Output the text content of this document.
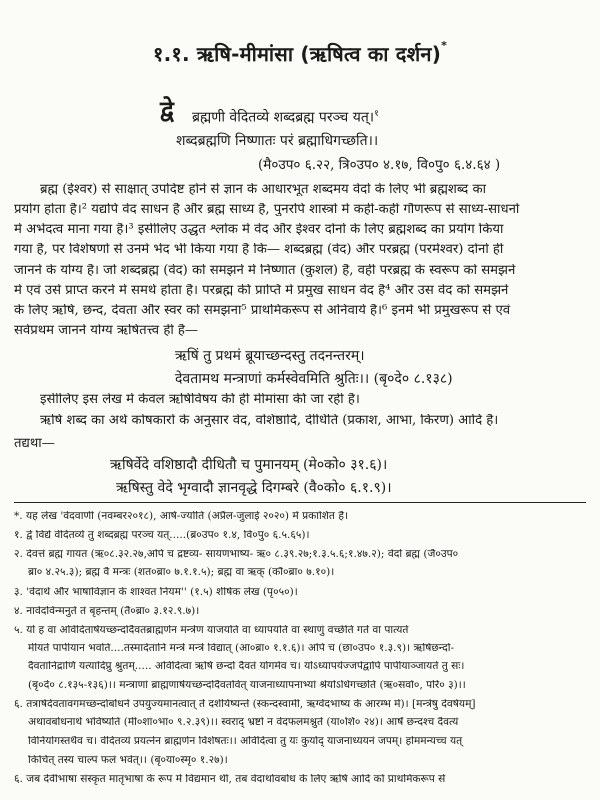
१.१. ऋषि-मीमांसा (ऋषित्व का दर्शन)*
द्वे ब्रह्मणी वेदितव्ये शब्दब्रह्म परञ्च यत्।$^१$
शब्दब्रह्मणि निष्णातः परं ब्रह्माधिगच्छति।।
(मै०उप० ६.२२, त्रि०उप० ४.१७, वि०पु० ६.४.६४ )
ब्रह्म (ईश्वर) से साक्षात् उपदिष्ट होने से ज्ञान के आधारभूत शब्दमय वेदों के लिए भी ब्रह्मशब्द का
प्रयोग होता है।² यद्यपि वेद साधन है और ब्रह्म साध्य है, पुनरपि शास्त्रों में कहीं-कहीं गौणरूप से साध्य-साधनों
में अभेदत्व माना गया है।³ इसीलिए उद्धृत श्लोक में वेद और ईश्वर दोनों के लिए ब्रह्मशब्द का प्रयोग किया
गया है, पर विशेषणों से उनमें भेद भी किया गया है कि— शब्दब्रह्म (वेद) और परब्रह्म (परमेश्वर) दोनों ही
जानने के योग्य हैं। जो शब्दब्रह्म (वेद) को समझने में निष्णात (कुशल) है, वही परब्रह्म के स्वरूप को समझने
में एवं उसे प्राप्त करने में समर्थ होता है। परब्रह्म की प्राप्ति में प्रमुख साधन वेद है⁴ और उस वेद को समझने
के लिए ऋषि, छन्द, देवता और स्वर को समझना⁵ प्राथमिकरूप से अनिवार्य है।⁶ इनमें भी प्रमुखरूप से एवं
सर्वप्रथम जानने योग्य ऋषितत्त्व ही है—
ऋषिं तु प्रथमं ब्रूयाच्छन्दस्तु तदनन्तरम्।
देवतामथ मन्त्राणां कर्मस्वेवमिति श्रुतिः।। (बृ०दे० ८.१३८)
इसीलिए इस लेख में केवल ऋषिविषय की ही मीमांसा की जा रही है।
ऋषि शब्द का अर्थ कोषकारों के अनुसार वेद, वशिष्ठादि, दीधिति (प्रकाश, आभा, किरण) आदि हैं।
तद्यथा—
ऋषिर्वेदे वशिष्ठादौ दीधितौ च पुमानयम् (मे०को० ३१.६)।
ऋषिस्तु वेदे भृग्वादौ ज्ञानवृद्धे दिगम्बरे (वै०को० ६.१.९)।
*. यह लेख 'वेदवाणी (नवम्बर२०१८), आर्ष-ज्योति (अप्रैल-जुलाई २०२०) में प्रकाशित है।
१. द्वे विद्ये वेदितव्ये तु शब्दब्रह्म परञ्च यत्.....(ब्र०उप० १.४, वि०पु० ६.५.६५)।
२. देवत्तं ब्रह्म गायत (ऋ०८.३२.२७,अपि च द्रष्टव्य- सायणभाष्य- ऋ० ८.३९.२७;१.३.५.६;१.४७.२); वेदो ब्रह्म (जै०उप०
ब्रा० ४.२५.३); ब्रह्म वै मन्त्रः (शत०ब्रा० ७.१.१.५); ब्रह्म वा ऋक् (कौ०ब्रा० ७.१०)।
३. 'वेदार्थ और भाषाविज्ञान के शाश्वत नियम'' (१.५) शीर्षक लेख (पृ०५०)।
४. नावेदविन्मनुते तं बृहन्तम् (तै०ब्रा० ३.१२.९.७)।
५. यो ह वा अविदितार्षेयच्छन्दोदैवतब्राह्मणेन मन्त्रेण याजयति वा ध्यापयति वा स्थाणुं वर्च्छति गर्ते वा पात्यते
मीयते पापीयान भवति....तस्मादेतानि मन्त्रे मन्त्रे विद्यात् (आ०ब्रा० १.१.६)। अपि च (छा०उप० १.३.९)। ऋषिछन्दो-
दैवतानिद्राणि यत्यादिप्रु श्रुतम्..... अविदित्वा ऋषिं छन्दो दैवतं योगमेव च। योऽध्यापयेज्जपेद्वापि पापीयाञ्जायते तु सः।
(बृ०दे० ८.१३५-१३६)।। मन्त्राणां ब्राह्मणार्षेयच्छन्दोदैवतवित् याजनाध्यापनाभ्यां श्रेयोऽधिगच्छति (ऋ०सर्वा०, परि० ३)।।
६. तत्रार्षदेवतावगमच्छन्दोबोधने उपयुज्यमानत्वात् ते दर्शयिष्यन्ते (स्कन्दस्वामी, ऋग्वेदभाष्य के आरम्भ में)। [मन्त्रेषु देवर्षयम्]
अथावबोधनार्थ भविष्यति (मी०शा०भा० ९.२.३९)।। स्वराद् भ्रष्टो न वेदफलमश्नुते (या०शि० २४)। आर्षं छन्दश्च दैवत्यं
विनियोगस्तथैव च। वेदितव्यं प्रयत्नेन ब्राह्मणेन विशेषतः।। अविदित्वा तु यः कुर्याद् याजनाध्ययनं जपम्। होममन्यच्च यत्
किंचित् तस्य चाल्पं फलं भवेत्।। (बृ०या०स्मृ० १.२७)।
६. जब देवीभाषा संस्कृत मातृभाषा के रूप में विद्यमान थी, तब वेदार्थावबोध के लिए ऋषि आदि को प्राथमिकरूप से
